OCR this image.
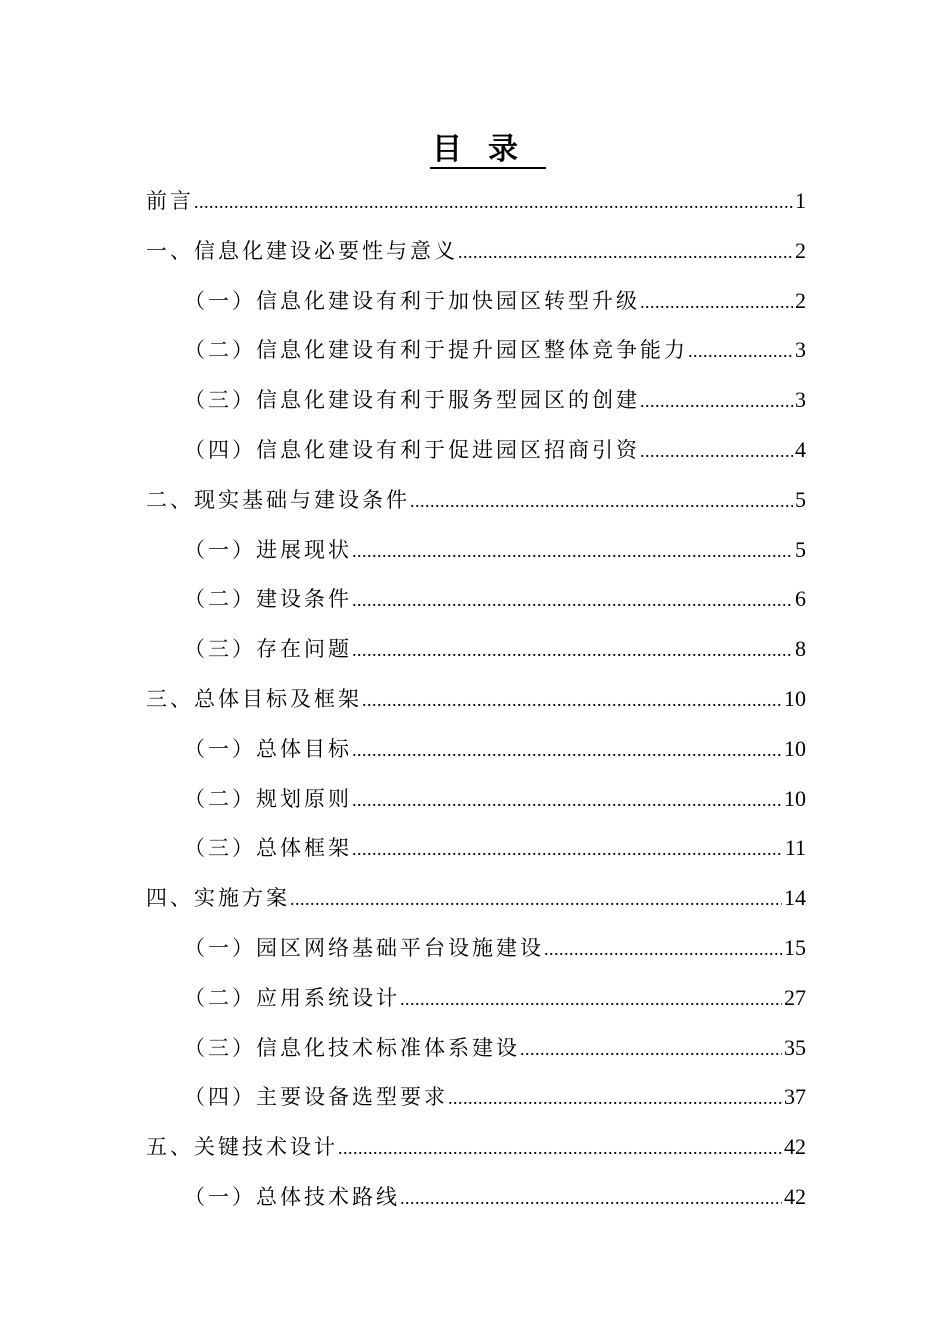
目录
前言 .....	1
一、信息化建设必要性与意义 .....	2
（一）信息化建设有利于加快园区转型升级 .....	2
（二）信息化建设有利于提升园区整体竞争能力 .....	3
（三）信息化建设有利于服务型园区的创建 .....	3
（四）信息化建设有利于促进园区招商引资 .....	4
二、现实基础与建设条件 .....	5
（一）进展现状 .....	5
（二）建设条件 .....	6
（三）存在问题 .....	8
三、总体目标及框架 .....	10
（一）总体目标 .....	10
（二）规划原则 .....	10
（三）总体框架 .....	11
四、实施方案 .....	14
（一）园区网络基础平台设施建设 .....	15
（二）应用系统设计 .....	27
（三）信息化技术标准体系建设 .....	35
（四）主要设备选型要求 .....	37
五、关键技术设计 .....	42
（一）总体技术路线 .....	42
